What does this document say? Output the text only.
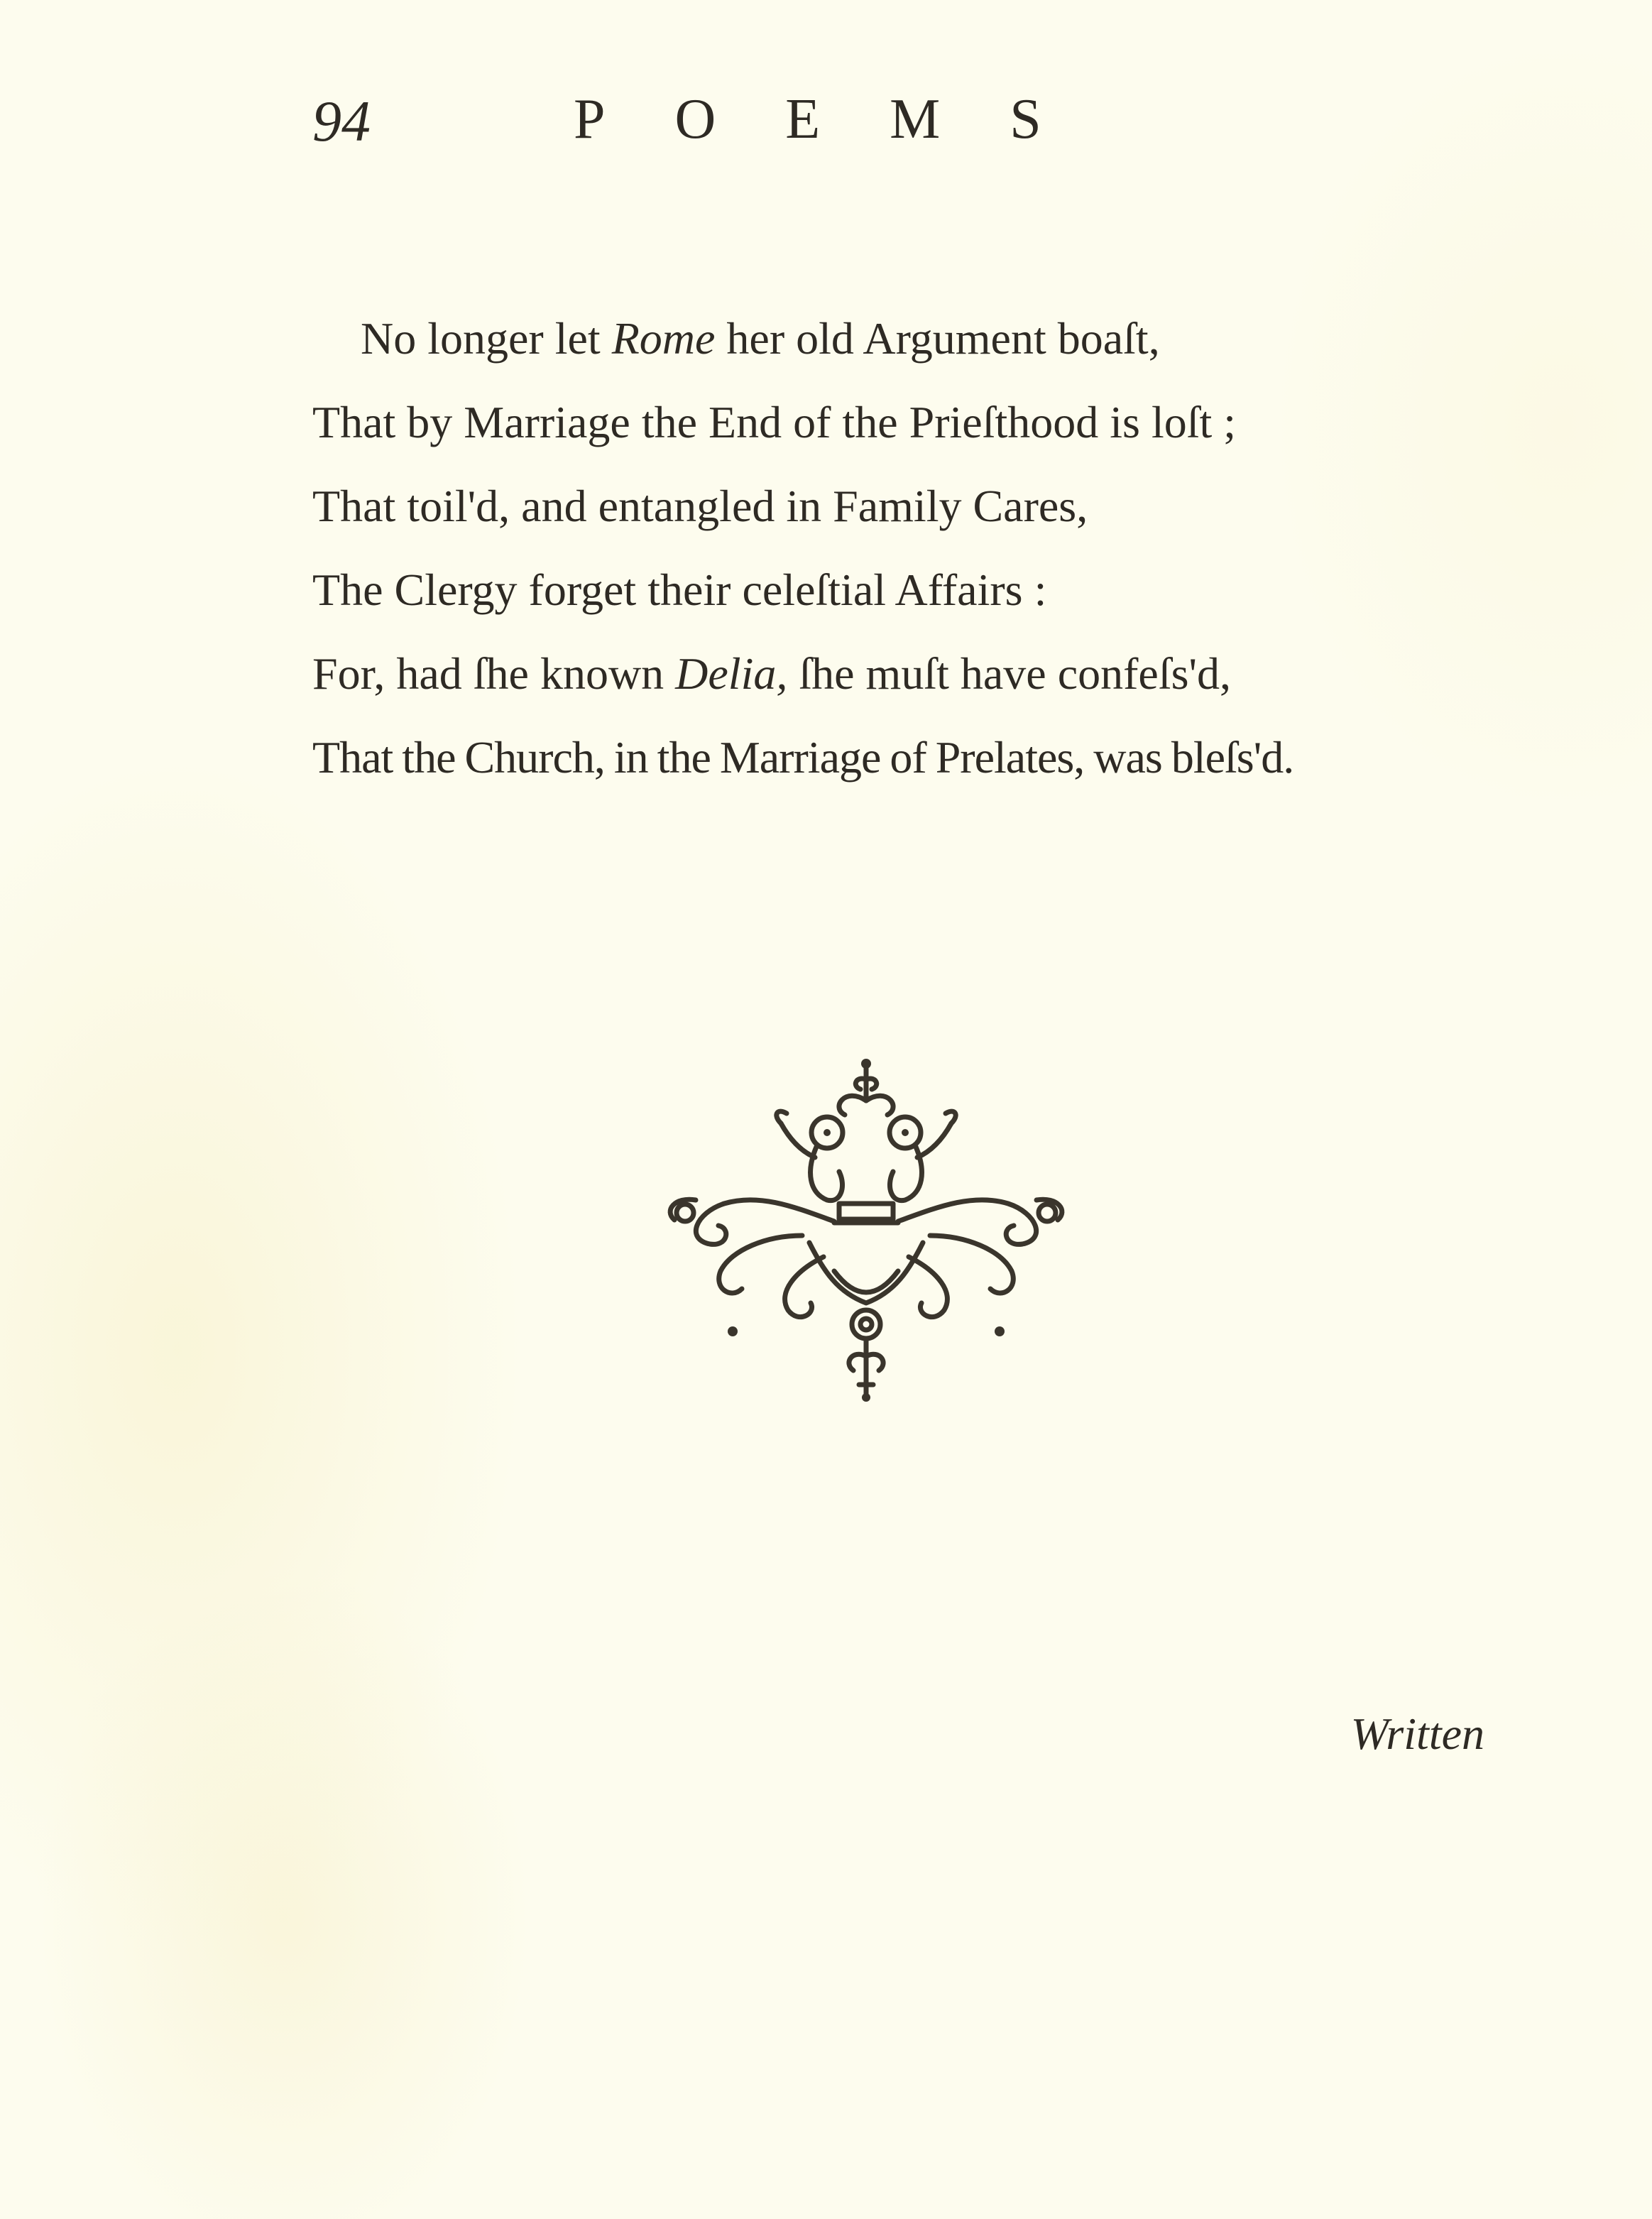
94	POEMS
No longer let Rome her old Argument boaſt,
That by Marriage the End of the Prieſthood is loſt ;
That toil'd, and entangled in Family Cares,
The Clergy forget their celeſtial Affairs :
For, had ſhe known Delia, ſhe muſt have confeſs'd,
That the Church, in the Marriage of Prelates, was bleſs'd.
Written
